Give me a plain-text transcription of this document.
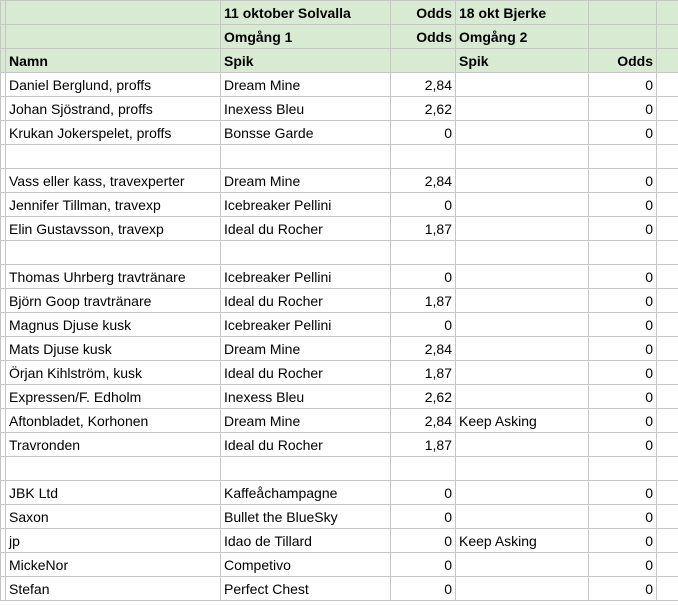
		11 oktober Solvalla	Odds	18 okt Bjerke		
		Omgång 1	Odds	Omgång 2		
	Namn	Spik		Spik	Odds	
	Daniel Berglund, proffs	Dream Mine	2,84		0	
	Johan Sjöstrand, proffs	Inexess Bleu	2,62		0	
	Krukan Jokerspelet, proffs	Bonsse Garde	0		0	

	Vass eller kass, travexperter	Dream Mine	2,84		0	
	Jennifer Tillman, travexp	Icebreaker Pellini	0		0	
	Elin Gustavsson, travexp	Ideal du Rocher	1,87		0	

	Thomas Uhrberg travtränare	Icebreaker Pellini	0		0	
	Björn Goop travtränare	Ideal du Rocher	1,87		0	
	Magnus Djuse kusk	Icebreaker Pellini	0		0	
	Mats Djuse kusk	Dream Mine	2,84		0	
	Örjan Kihlström, kusk	Ideal du Rocher	1,87		0	
	Expressen/F. Edholm	Inexess Bleu	2,62		0	
	Aftonbladet, Korhonen	Dream Mine	2,84	Keep Asking	0	
	Travronden	Ideal du Rocher	1,87		0	

	JBK Ltd	Kaffeåchampagne	0		0	
	Saxon	Bullet the BlueSky	0		0	
	jp	Idao de Tillard	0	Keep Asking	0	
	MickeNor	Competivo	0		0	
	Stefan	Perfect Chest	0		0	
